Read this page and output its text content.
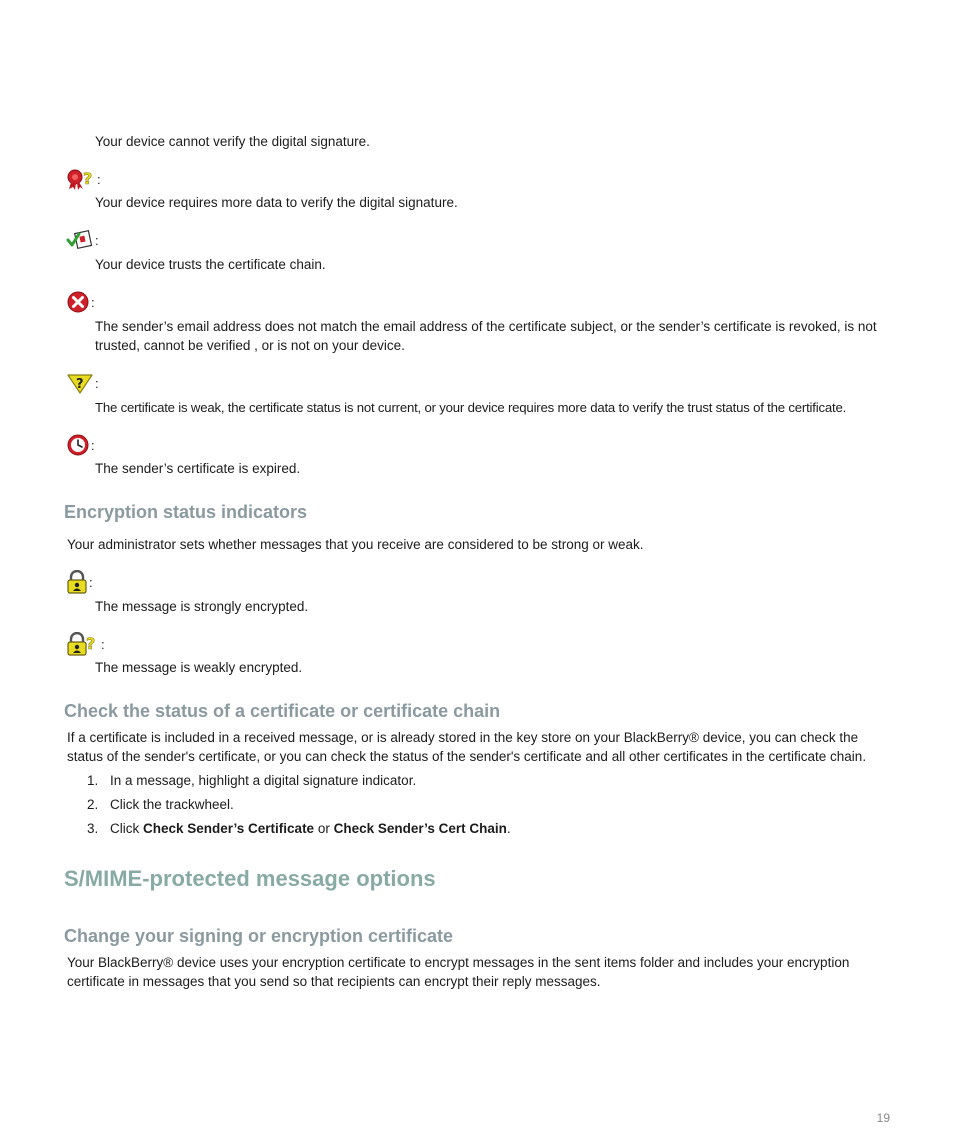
Your device cannot verify the digital signature.
? :
Your device requires more data to verify the digital signature.
:
Your device trusts the certificate chain.
:
The sender’s email address does not match the email address of the certificate subject, or the sender’s certificate is revoked, is not trusted, cannot be verified , or is not on your device.
? :
The certificate is weak, the certificate status is not current, or your device requires more data to verify the trust status of the certificate.
:
The sender’s certificate is expired.
Encryption status indicators
Your administrator sets whether messages that you receive are considered to be strong or weak.
:
The message is strongly encrypted.
? :
The message is weakly encrypted.
Check the status of a certificate or certificate chain
If a certificate is included in a received message, or is already stored in the key store on your BlackBerry® device, you can check the status of the sender's certificate, or you can check the status of the sender's certificate and all other certificates in the certificate chain.
1. In a message, highlight a digital signature indicator.
2. Click the trackwheel.
3. Click Check Sender’s Certificate or Check Sender’s Cert Chain.
S/MIME-protected message options
Change your signing or encryption certificate
Your BlackBerry® device uses your encryption certificate to encrypt messages in the sent items folder and includes your encryption certificate in messages that you send so that recipients can encrypt their reply messages.
19
